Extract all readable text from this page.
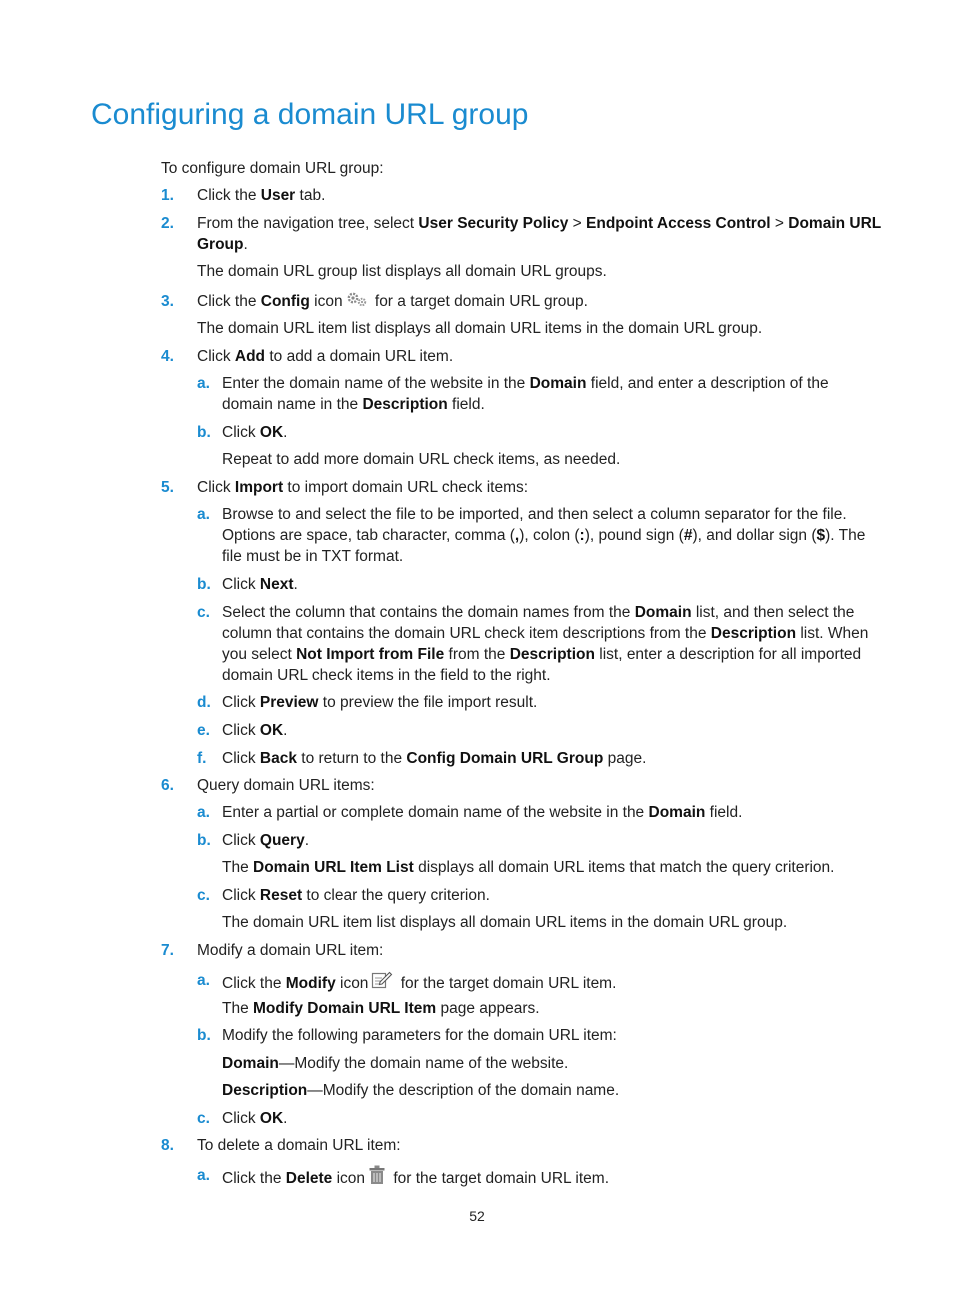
Configuring a domain URL group
To configure domain URL group:
1. Click the User tab.
2. From the navigation tree, select User Security Policy > Endpoint Access Control > Domain URL
Group.
The domain URL group list displays all domain URL groups.
3. Click the Config icon for a target domain URL group.
The domain URL item list displays all domain URL items in the domain URL group.
4. Click Add to add a domain URL item.
a. Enter the domain name of the website in the Domain field, and enter a description of the
domain name in the Description field.
b. Click OK.
Repeat to add more domain URL check items, as needed.
5. Click Import to import domain URL check items:
a. Browse to and select the file to be imported, and then select a column separator for the file.
Options are space, tab character, comma (,), colon (:), pound sign (#), and dollar sign ($). The
file must be in TXT format.
b. Click Next.
c. Select the column that contains the domain names from the Domain list, and then select the
column that contains the domain URL check item descriptions from the Description list. When
you select Not Import from File from the Description list, enter a description for all imported
domain URL check items in the field to the right.
d. Click Preview to preview the file import result.
e. Click OK.
f. Click Back to return to the Config Domain URL Group page.
6. Query domain URL items:
a. Enter a partial or complete domain name of the website in the Domain field.
b. Click Query.
The Domain URL Item List displays all domain URL items that match the query criterion.
c. Click Reset to clear the query criterion.
The domain URL item list displays all domain URL items in the domain URL group.
7. Modify a domain URL item:
a. Click the Modify icon for the target domain URL item.
The Modify Domain URL Item page appears.
b. Modify the following parameters for the domain URL item:
Domain—Modify the domain name of the website.
Description—Modify the description of the domain name.
c. Click OK.
8. To delete a domain URL item:
a. Click the Delete icon for the target domain URL item.
52
